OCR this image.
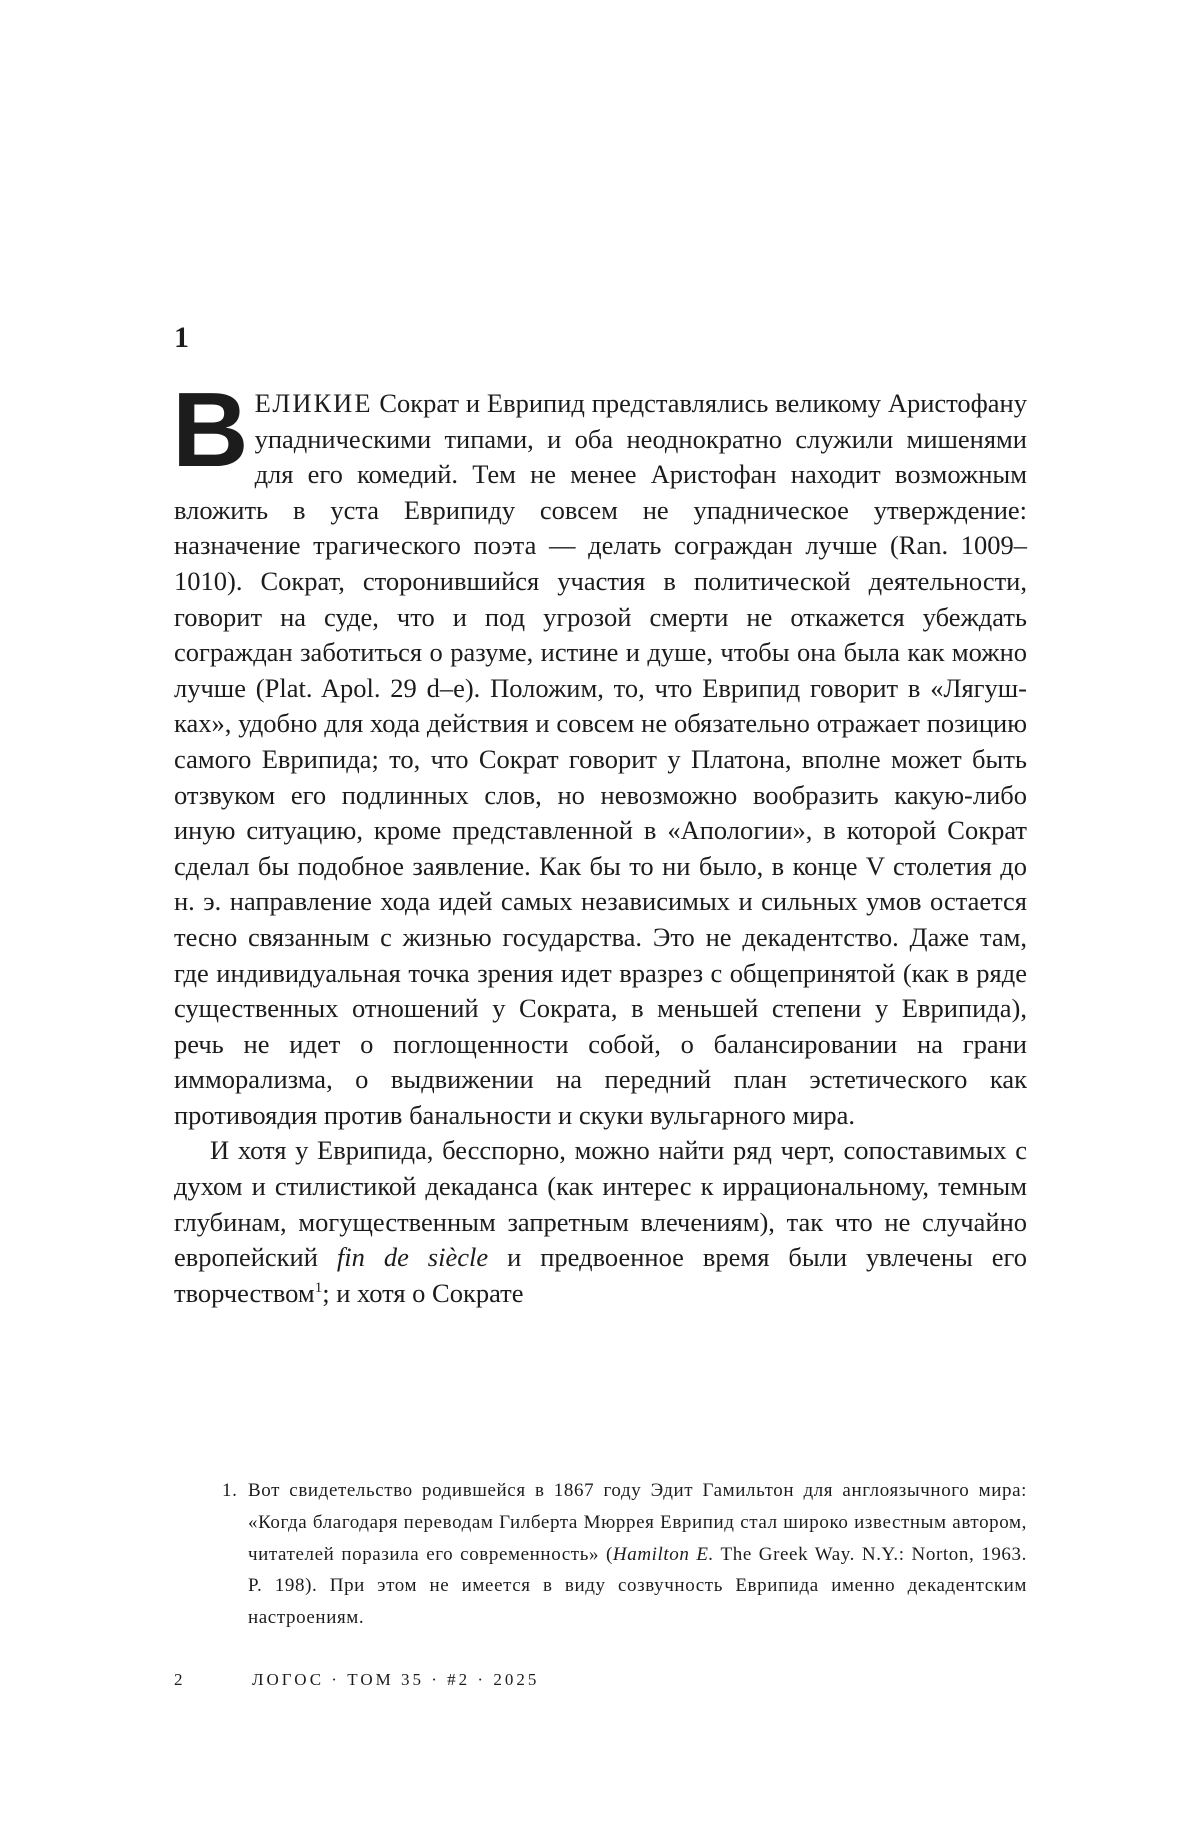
1

ВЕЛИКИЕ Сократ и Еврипид представлялись великому Аристофану упадническими типами, и оба неоднократно служили мишенями для его комедий. Тем не менее Аристофан находит возможным вложить в уста Еврипиду совсем не упадническое утверждение: назначение трагического поэта — делать сограждан лучше (Ran. 1009–1010). Сократ, сторонившийся участия в политической деятельности, говорит на суде, что и под угрозой смерти не откажется убеждать сограждан заботиться о разуме, истине и душе, чтобы она была как можно лучше (Plat. Apol. 29 d–e). Положим, то, что Еврипид говорит в «Лягушках», удобно для хода действия и совсем не обязательно отражает позицию самого Еврипида; то, что Сократ говорит у Платона, вполне может быть отзвуком его подлинных слов, но невозможно вообразить какую-либо иную ситуацию, кроме представленной в «Апологии», в которой Сократ сделал бы подобное заявление. Как бы то ни было, в конце V столетия до н. э. направление хода идей самых независимых и сильных умов остается тесно связанным с жизнью государства. Это не декадентство. Даже там, где индивидуальная точка зрения идет вразрез с общепринятой (как в ряде существенных отношений у Сократа, в меньшей степени у Еврипида), речь не идет о поглощенности собой, о балансировании на грани имморализма, о выдвижении на передний план эстетического как противоядия против банальности и скуки вульгарного мира.

И хотя у Еврипида, бесспорно, можно найти ряд черт, сопоставимых с духом и стилистикой декаданса (как интерес к иррациональному, темным глубинам, могущественным запретным влечениям), так что не случайно европейский fin de siècle и предвоенное время были увлечены его творчеством$^1$; и хотя о Сократе

1. Вот свидетельство родившейся в 1867 году Эдит Гамильтон для англоязычного мира: «Когда благодаря переводам Гилберта Мюррея Еврипид стал широко известным автором, читателей поразила его современность» (Hamilton E. The Greek Way. N.Y.: Norton, 1963. P. 198). При этом не имеется в виду созвучность Еврипида именно декадентским настроениям.
2	ЛОГОС · ТОМ 35 · #2 · 2025
